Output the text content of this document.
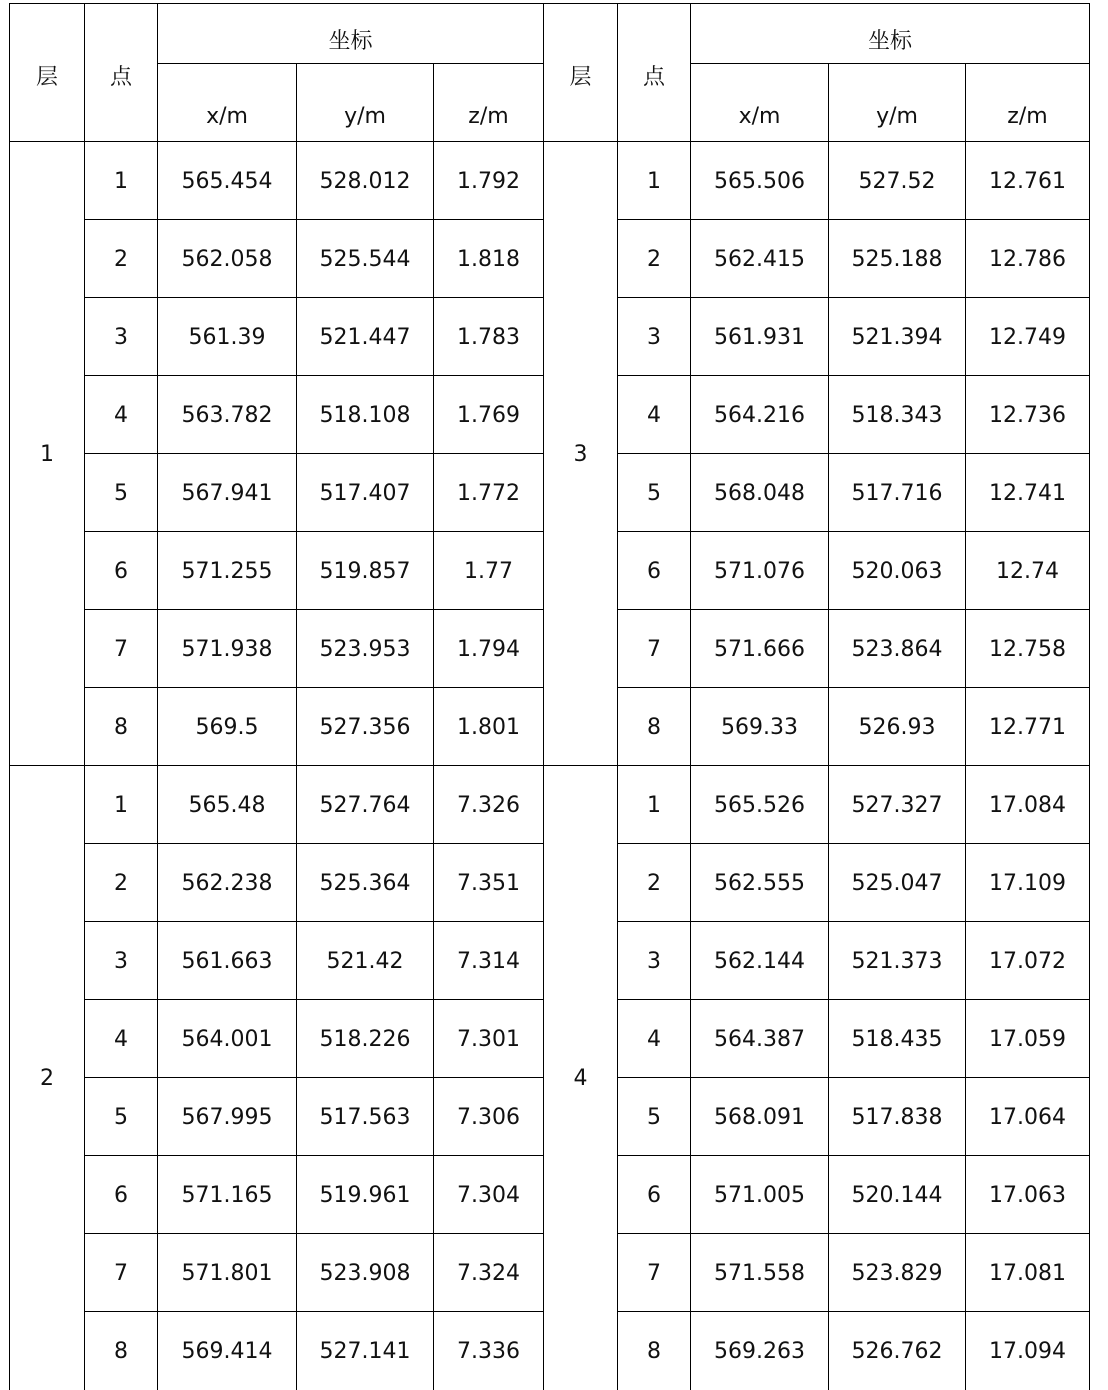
层	点	坐标			层	点	坐标		
		x/m	y/m	z/m			x/m	y/m	z/m
1	1	565.454	528.012	1.792	3	1	565.506	527.52	12.761
	2	562.058	525.544	1.818		2	562.415	525.188	12.786
	3	561.39	521.447	1.783		3	561.931	521.394	12.749
	4	563.782	518.108	1.769		4	564.216	518.343	12.736
	5	567.941	517.407	1.772		5	568.048	517.716	12.741
	6	571.255	519.857	1.77		6	571.076	520.063	12.74
	7	571.938	523.953	1.794		7	571.666	523.864	12.758
	8	569.5	527.356	1.801		8	569.33	526.93	12.771
2	1	565.48	527.764	7.326	4	1	565.526	527.327	17.084
	2	562.238	525.364	7.351		2	562.555	525.047	17.109
	3	561.663	521.42	7.314		3	562.144	521.373	17.072
	4	564.001	518.226	7.301		4	564.387	518.435	17.059
	5	567.995	517.563	7.306		5	568.091	517.838	17.064
	6	571.165	519.961	7.304		6	571.005	520.144	17.063
	7	571.801	523.908	7.324		7	571.558	523.829	17.081
	8	569.414	527.141	7.336		8	569.263	526.762	17.094
